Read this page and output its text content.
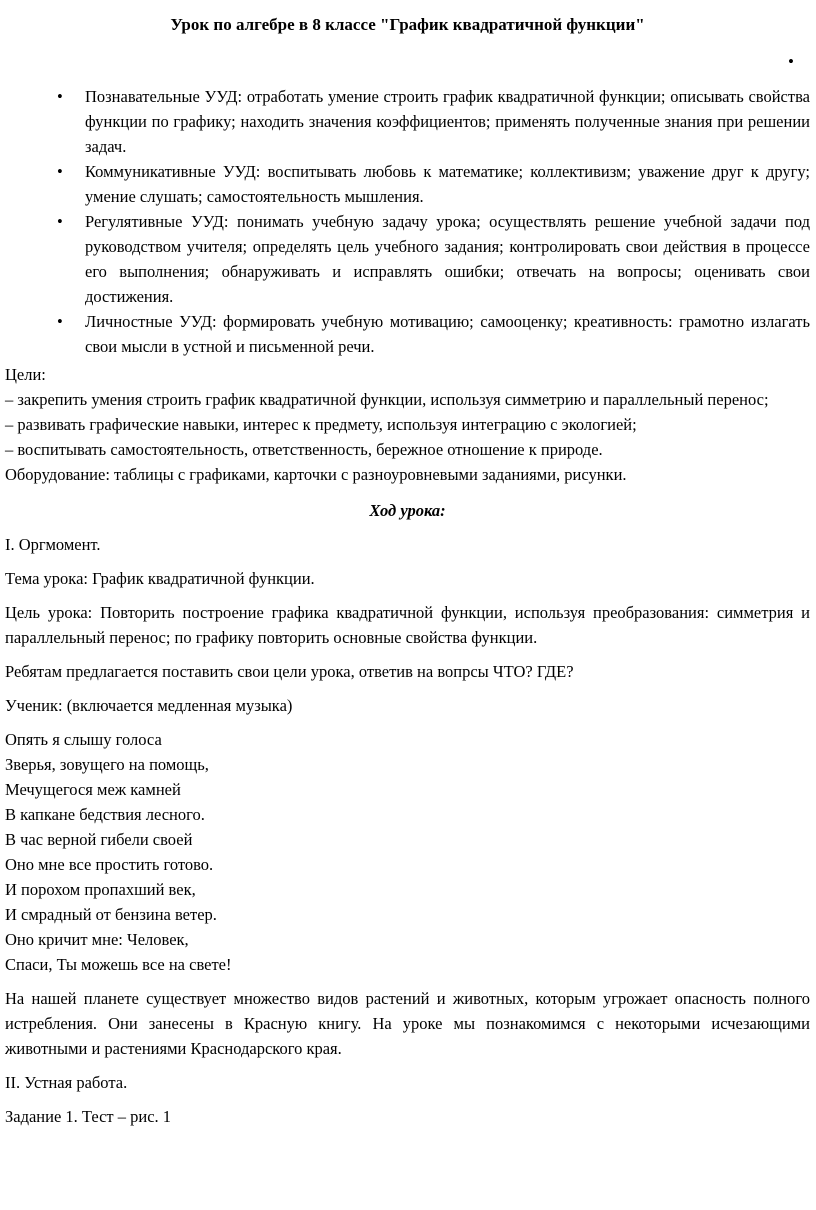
Урок по алгебре в 8 классе "График квадратичной функции"
•
• Познавательные УУД: отработать умение строить график квадратичной функции; описывать свойства функции по графику; находить значения коэффициентов; применять полученные знания при решении задач.
• Коммуникативные УУД: воспитывать любовь к математике; коллективизм; уважение друг к другу; умение слушать; самостоятельность мышления.
• Регулятивные УУД: понимать учебную задачу урока; осуществлять решение учебной задачи под руководством учителя; определять цель учебного задания; контролировать свои действия в процессе его выполнения; обнаруживать и исправлять ошибки; отвечать на вопросы; оценивать свои достижения.
• Личностные УУД: формировать учебную мотивацию; самооценку; креативность: грамотно излагать свои мысли в устной и письменной речи.

Цели:

– закрепить умения строить график квадратичной функции, используя симметрию и параллельный перенос;

– развивать графические навыки, интерес к предмету, используя интеграцию с экологией;

– воспитывать самостоятельность, ответственность, бережное отношение к природе.

Оборудование: таблицы с графиками, карточки с разноуровневыми заданиями, рисунки.

Ход урока:

I. Оргмомент.

Тема урока: График квадратичной функции.

Цель урока: Повторить построение графика квадратичной функции, используя преобразования: симметрия и параллельный перенос; по графику повторить основные свойства функции.

Ребятам предлагается поставить свои цели урока, ответив на вопрсы ЧТО? ГДЕ?

Ученик: (включается медленная музыка)

Опять я слышу голоса
Зверья, зовущего на помощь,
Мечущегося меж камней
В капкане бедствия лесного.
В час верной гибели своей
Оно мне все простить готово.
И порохом пропахший век,
И смрадный от бензина ветер.
Оно кричит мне: Человек,
Спаси, Ты можешь все на свете!

На нашей планете существует множество видов растений и животных, которым угрожает опасность полного истребления. Они занесены в Красную книгу. На уроке мы познакомимся с некоторыми исчезающими животными и растениями Краснодарского края.

II. Устная работа.

Задание 1. Тест – рис. 1
